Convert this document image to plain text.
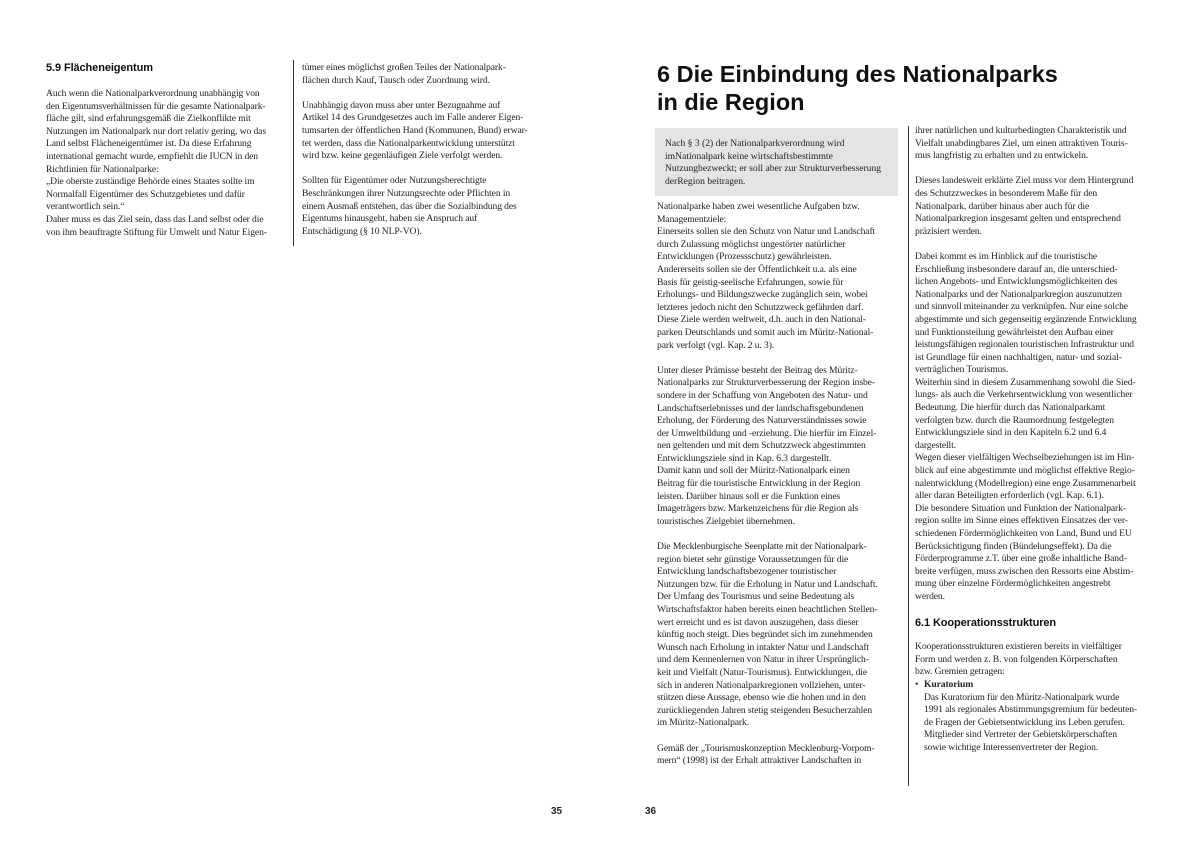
5.9 Flächeneigentum

Auch wenn die Nationalparkverordnung unabhängig von
den Eigentumsverhältnissen für die gesamte Nationalpark-
fläche gilt, sind erfahrungsgemäß die Zielkonflikte mit
Nutzungen im Nationalpark nur dort relativ gering, wo das
Land selbst Flächeneigentümer ist. Da diese Erfahrung
international gemacht wurde, empfiehlt die IUCN in den
Richtlinien für Nationalparke:
„Die oberste zuständige Behörde eines Staates sollte im
Normalfall Eigentümer des Schutzgebietes und dafür
verantwortlich sein.“
Daher muss es das Ziel sein, dass das Land selbst oder die
von ihm beauftragte Stiftung für Umwelt und Natur Eigen-

tümer eines möglichst großen Teiles der Nationalpark-
flächen durch Kauf, Tausch oder Zuordnung wird.

Unabhängig davon muss aber unter Bezugnahme auf
Artikel 14 des Grundgesetzes auch im Falle anderer Eigen-
tumsarten der öffentlichen Hand (Kommunen, Bund) erwar-
tet werden, dass die Nationalparkentwicklung unterstützt
wird bzw. keine gegenläufigen Ziele verfolgt werden.

Sollten für Eigentümer oder Nutzungsberechtigte
Beschränkungen ihrer Nutzungsrechte oder Pflichten in
einem Ausmaß entstehen, das über die Sozialbindung des
Eigentums hinausgeht, haben sie Anspruch auf
Entschädigung (§ 10 NLP-VO).

35
6 Die Einbindung des Nationalparks
in die Region
Nach § 3 (2) der Nationalparkverordnung wird imNationalpark keine wirtschaftsbestimmte Nutzungbezweckt; er soll aber zur Strukturverbesserung derRegion beitragen.

Nationalparke haben zwei wesentliche Aufgaben bzw.
Managementziele:
Einerseits sollen sie den Schutz von Natur und Landschaft
durch Zulassung möglichst ungestörter natürlicher
Entwicklungen (Prozessschutz) gewährleisten.
Andererseits sollen sie der Öffentlichkeit u.a. als eine
Basis für geistig-seelische Erfahrungen, sowie für
Erholungs- und Bildungszwecke zugänglich sein, wobei
letzteres jedoch nicht den Schutzzweck gefährden darf.
Diese Ziele werden weltweit, d.h. auch in den National-
parken Deutschlands und somit auch im Müritz-National-
park verfolgt (vgl. Kap. 2 u. 3).

Unter dieser Prämisse besteht der Beitrag des Müritz-
Nationalparks zur Strukturverbesserung der Region insbe-
sondere in der Schaffung von Angeboten des Natur- und
Landschaftserlebnisses und der landschaftsgebundenen
Erholung, der Förderung des Naturverständnisses sowie
der Umweltbildung und -erziehung. Die hierfür im Einzel-
nen geltenden und mit dem Schutzzweck abgestimmten
Entwicklungsziele sind in Kap. 6.3 dargestellt.
Damit kann und soll der Müritz-Nationalpark einen
Beitrag für die touristische Entwicklung in der Region
leisten. Darüber hinaus soll er die Funktion eines
Imageträgers bzw. Markenzeichens für die Region als
touristisches Zielgebiet übernehmen.

Die Mecklenburgische Seenplatte mit der Nationalpark-
region bietet sehr günstige Voraussetzungen für die
Entwicklung landschaftsbezogener touristischer
Nutzungen bzw. für die Erholung in Natur und Landschaft.
Der Umfang des Tourismus und seine Bedeutung als
Wirtschaftsfaktor haben bereits einen beachtlichen Stellen-
wert erreicht und es ist davon auszugehen, dass dieser
künftig noch steigt. Dies begründet sich im zunehmenden
Wunsch nach Erholung in intakter Natur und Landschaft
und dem Kennenlernen von Natur in ihrer Ursprünglich-
keit und Vielfalt (Natur-Tourismus). Entwicklungen, die
sich in anderen Nationalparkregionen vollziehen, unter-
stützen diese Aussage, ebenso wie die hohen und in den
zurückliegenden Jahren stetig steigenden Besucherzahlen
im Müritz-Nationalpark.

Gemäß der „Tourismuskonzeption Mecklenburg-Vorpom-
mern“ (1998) ist der Erhalt attraktiver Landschaften in

ihrer natürlichen und kulturbedingten Charakteristik und
Vielfalt unabdingbares Ziel, um einen attraktiven Touris-
mus langfristig zu erhalten und zu entwickeln.

Dieses landesweit erklärte Ziel muss vor dem Hintergrund
des Schutzzweckes in besonderem Maße für den
Nationalpark, darüber hinaus aber auch für die
Nationalparkregion insgesamt gelten und entsprechend
präzisiert werden.

Dabei kommt es im Hinblick auf die touristische
Erschließung insbesondere darauf an, die unterschied-
lichen Angebots- und Entwicklungsmöglichkeiten des
Nationalparks und der Nationalparkregion auszunutzen
und sinnvoll miteinander zu verknüpfen. Nur eine solche
abgestimmte und sich gegenseitig ergänzende Entwicklung
und Funktionsteilung gewährleistet den Aufbau einer
leistungsfähigen regionalen touristischen Infrastruktur und
ist Grundlage für einen nachhaltigen, natur- und sozial-
verträglichen Tourismus.
Weiterhin sind in diesem Zusammenhang sowohl die Sied-
lungs- als auch die Verkehrsentwicklung von wesentlicher
Bedeutung. Die hierfür durch das Nationalparkamt
verfolgten bzw. durch die Raumordnung festgelegten
Entwicklungsziele sind in den Kapiteln 6.2 und 6.4
dargestellt.
Wegen dieser vielfältigen Wechselbeziehungen ist im Hin-
blick auf eine abgestimmte und möglichst effektive Regio-
nalentwicklung (Modellregion) eine enge Zusammenarbeit
aller daran Beteiligten erforderlich (vgl. Kap. 6.1).
Die besondere Situation und Funktion der Nationalpark-
region sollte im Sinne eines effektiven Einsatzes der ver-
schiedenen Fördermöglichkeiten von Land, Bund und EU
Berücksichtigung finden (Bündelungseffekt). Da die
Förderprogramme z.T. über eine große inhaltliche Band-
breite verfügen, muss zwischen den Ressorts eine Abstim-
mung über einzelne Fördermöglichkeiten angestrebt
werden.

6.1 Kooperationsstrukturen

Kooperationsstrukturen existieren bereits in vielfältiger
Form und werden z. B. von folgenden Körperschaften
bzw. Gremien getragen:

• Kuratorium
Das Kuratorium für den Müritz-Nationalpark wurde
1991 als regionales Abstimmungsgremium für bedeuten-
de Fragen der Gebietsentwicklung ins Leben gerufen.
Mitglieder sind Vertreter der Gebietskörperschaften
sowie wichtige Interessenvertreter der Region.
36
